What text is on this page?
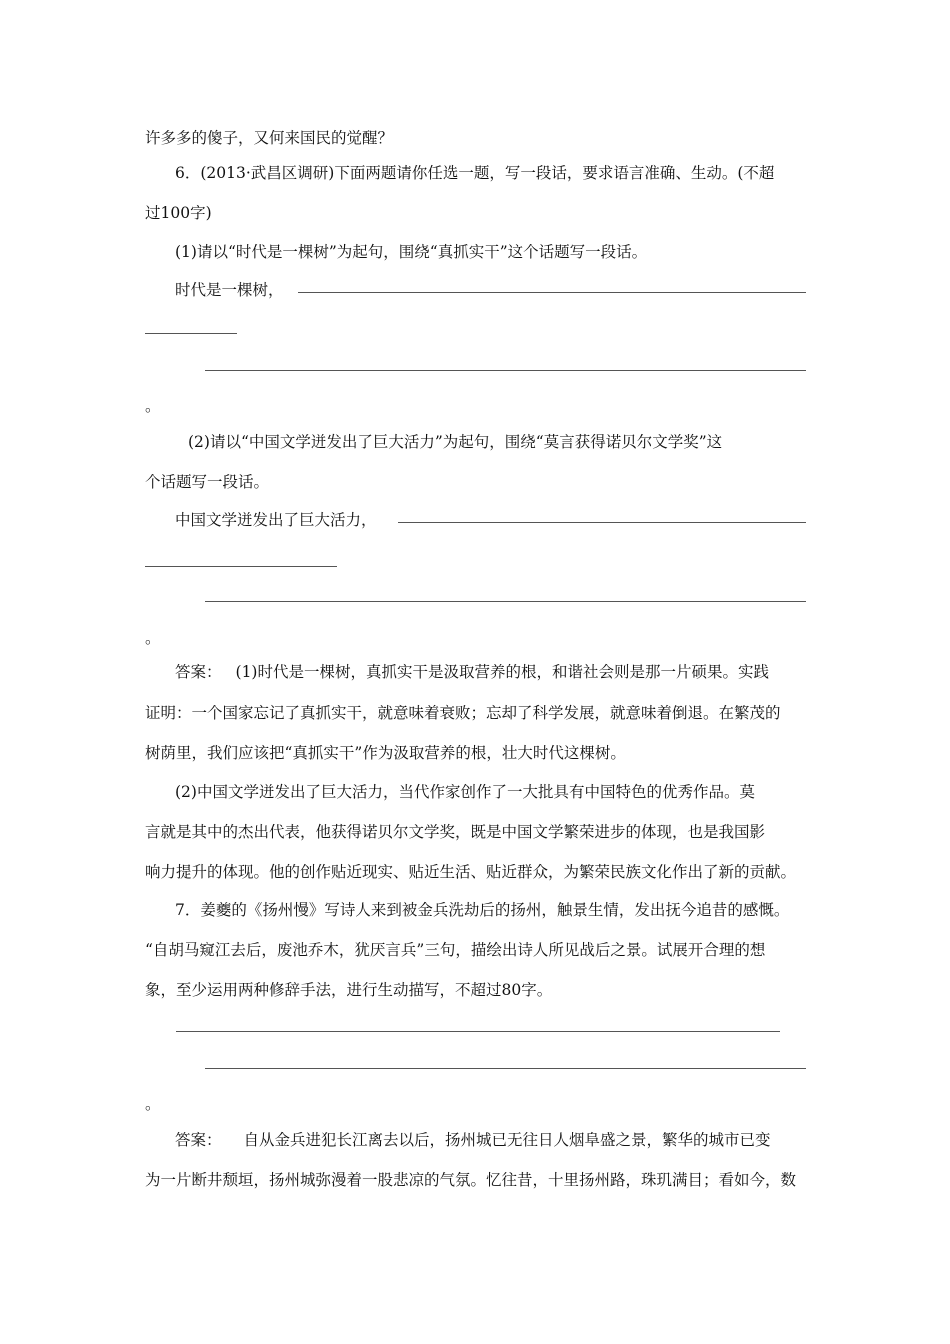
许多多的傻子，又何来国民的觉醒？
6．(2013·武昌区调研)下面两题请你任选一题，写一段话，要求语言准确、生动。(不超
过100字)
(1)请以“时代是一棵树”为起句，围绕“真抓实干”这个话题写一段话。
时代是一棵树，
。
(2)请以“中国文学迸发出了巨大活力”为起句，围绕“莫言获得诺贝尔文学奖”这
个话题写一段话。
中国文学迸发出了巨大活力，
。
答案： (1)时代是一棵树，真抓实干是汲取营养的根，和谐社会则是那一片硕果。实践
证明：一个国家忘记了真抓实干，就意味着衰败；忘却了科学发展，就意味着倒退。在繁茂的
树荫里，我们应该把“真抓实干”作为汲取营养的根，壮大时代这棵树。
(2)中国文学迸发出了巨大活力，当代作家创作了一大批具有中国特色的优秀作品。莫
言就是其中的杰出代表，他获得诺贝尔文学奖，既是中国文学繁荣进步的体现，也是我国影
响力提升的体现。他的创作贴近现实、贴近生活、贴近群众，为繁荣民族文化作出了新的贡献。
7．姜夔的《扬州慢》写诗人来到被金兵洗劫后的扬州，触景生情，发出抚今追昔的感慨。
“自胡马窥江去后，废池乔木，犹厌言兵”三句，描绘出诗人所见战后之景。试展开合理的想
象，至少运用两种修辞手法，进行生动描写，不超过80字。
。
答案： 自从金兵进犯长江离去以后，扬州城已无往日人烟阜盛之景，繁华的城市已变
为一片断井颓垣，扬州城弥漫着一股悲凉的气氛。忆往昔，十里扬州路，珠玑满目；看如今，数
